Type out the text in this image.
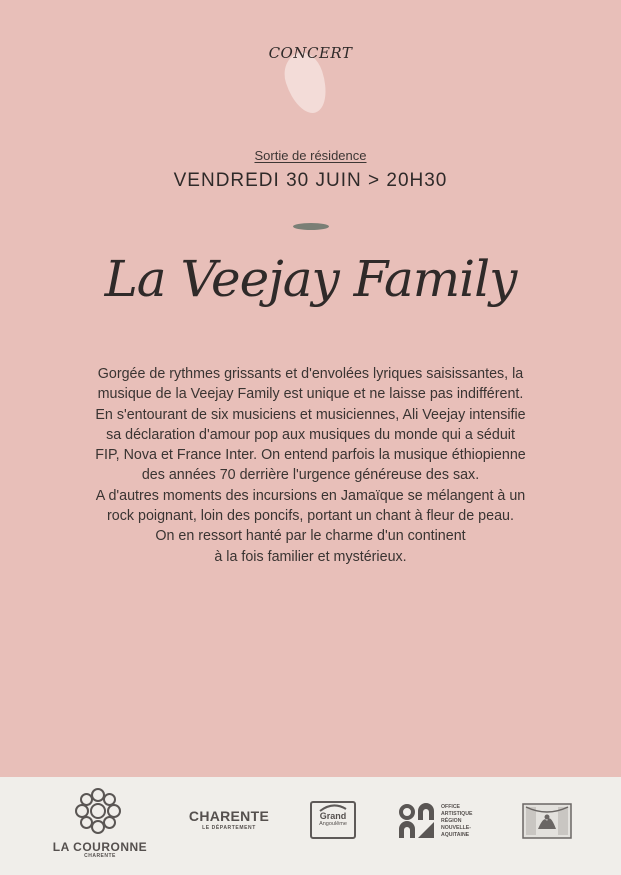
CONCERT
Sortie de résidence
VENDREDI 30 JUIN > 20H30
La Veejay Family
Gorgée de rythmes grissants et d'envolées lyriques saisissantes, la
musique de la Veejay Family est unique et ne laisse pas indifférent.
En s'entourant de six musiciens et musiciennes, Ali Veejay intensifie
sa déclaration d'amour pop aux musiques du monde qui a séduit
FIP, Nova et France Inter. On entend parfois la musique éthiopienne
des années 70 derrière l'urgence généreuse des sax.
A d'autres moments des incursions en Jamaïque se mélangent à un
rock poignant, loin des poncifs, portant un chant à fleur de peau.
On en ressort hanté par le charme d'un continent
à la fois familier et mystérieux.
LA COURONNE
CHARENTE
CHARENTE
LE DÉPARTEMENT
Grand
Angoulême
OFFICE
ARTISTIQUE
RÉGION
NOUVELLE-
AQUITAINE
